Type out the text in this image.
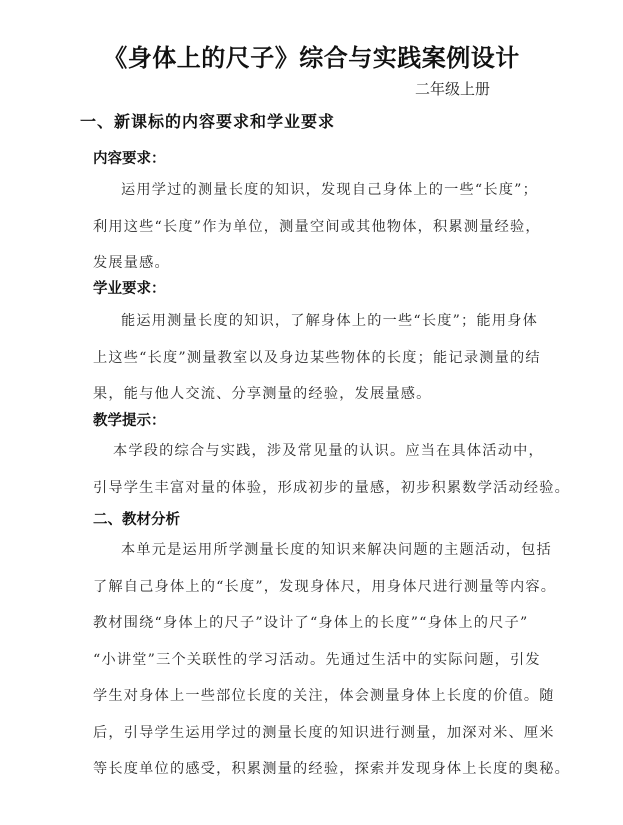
《身体上的尺子》综合与实践案例设计
二年级上册
一、新课标的内容要求和学业要求
内容要求：
运用学过的测量长度的知识，发现自己身体上的一些“长度”；
利用这些“长度”作为单位，测量空间或其他物体，积累测量经验，
发展量感。
学业要求：
能运用测量长度的知识，了解身体上的一些“长度”；能用身体
上这些“长度”测量教室以及身边某些物体的长度；能记录测量的结
果，能与他人交流、分享测量的经验，发展量感。
教学提示：
本学段的综合与实践，涉及常见量的认识。应当在具体活动中，
引导学生丰富对量的体验，形成初步的量感，初步积累数学活动经验。
二、教材分析
本单元是运用所学测量长度的知识来解决问题的主题活动，包括
了解自己身体上的“长度”，发现身体尺，用身体尺进行测量等内容。
教材围绕“身体上的尺子”设计了“身体上的长度”“身体上的尺子”
“小讲堂”三个关联性的学习活动。先通过生活中的实际问题，引发
学生对身体上一些部位长度的关注，体会测量身体上长度的价值。随
后，引导学生运用学过的测量长度的知识进行测量，加深对米、厘米
等长度单位的感受，积累测量的经验，探索并发现身体上长度的奥秘。
